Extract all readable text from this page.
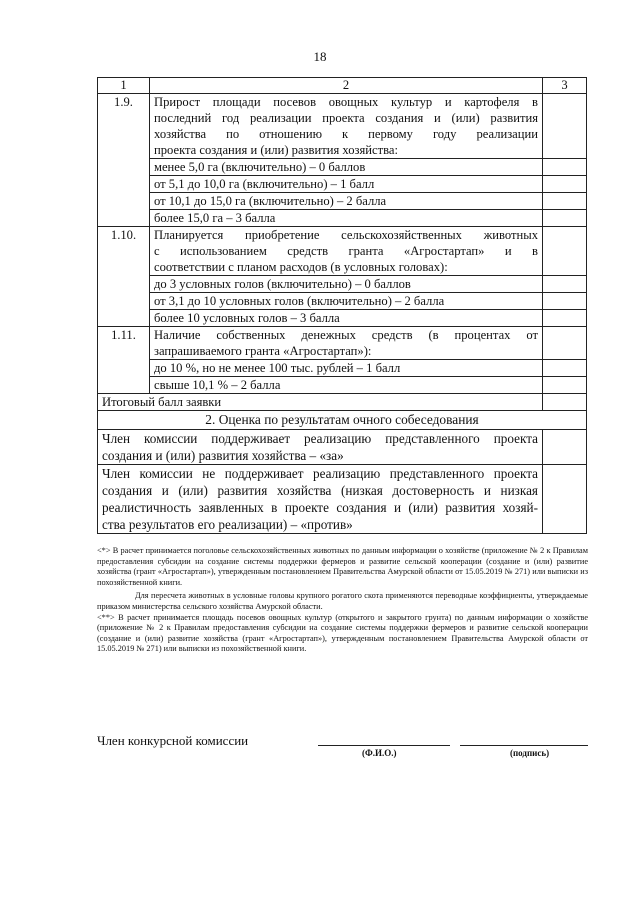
18
1	2	3
1.9.	Прирост площади посевов овощных культур и картофеля в
последний год реализации проекта создания и (или) развития
хозяйства по отношению к первому году реализации
проекта создания и (или) развития хозяйства:	

	менее 5,0 га (включительно) – 0 баллов	
	от 5,1 до 10,0 га (включительно) – 1 балл	
	от 10,1 до 15,0 га (включительно) – 2 балла	
	более 15,0 га – 3 балла	
1.10.	Планируется приобретение сельскохозяйственных животных
с использованием средств гранта «Агростартап» и в
соответствии с планом расходов (в условных головах):	

	до 3 условных голов (включительно) – 0 баллов	
	от 3,1 до 10 условных голов (включительно) – 2 балла	
	более 10 условных голов – 3 балла	
1.11.	Наличие собственных денежных средств (в процентах от
запрашиваемого гранта «Агростартап»):	

	до 10 %, но не менее 100 тыс. рублей – 1 балл	
	свыше 10,1 % – 2 балла	
Итоговый балл заявки		
2. Оценка по результатам очного собеседования		

Член комиссии поддерживает реализацию представленного проекта
создания и (или) развития хозяйства – «за»		

Член комиссии не поддерживает реализацию представленного проекта
создания и (или) развития хозяйства (низкая достоверность и низкая
реалистичность заявленных в проекте создания и (или) развития хозяй-
ства результатов его реализации) – «против»		

<*> В расчет принимается поголовье сельскохозяйственных животных по данным информации о хозяйстве (приложение № 2 к Правилам предоставления субсидии на создание системы поддержки фермеров и развитие сельской кооперации (создание и (или) развитие хозяйства (грант «Агростартап»), утвержденным постановлением Правительства Амурской области от 15.05.2019 № 271) или выписки из похозяйственной книги.

Для пересчета животных в условные головы крупного рогатого скота применяются переводные коэффициенты, утверждаемые приказом министерства сельского хозяйства Амурской области.

<**> В расчет принимается площадь посевов овощных культур (открытого и закрытого грунта) по данным информации о хозяйстве (приложение № 2 к Правилам предоставления субсидии на создание системы поддержки фермеров и развитие сельской кооперации (создание и (или) развитие хозяйства (грант «Агростартап»), утвержденным постановлением Правительства Амурской области от 15.05.2019 № 271) или выписки из похозяйственной книги.

Член конкурсной комиссии
(Ф.И.О.)	(подпись)
